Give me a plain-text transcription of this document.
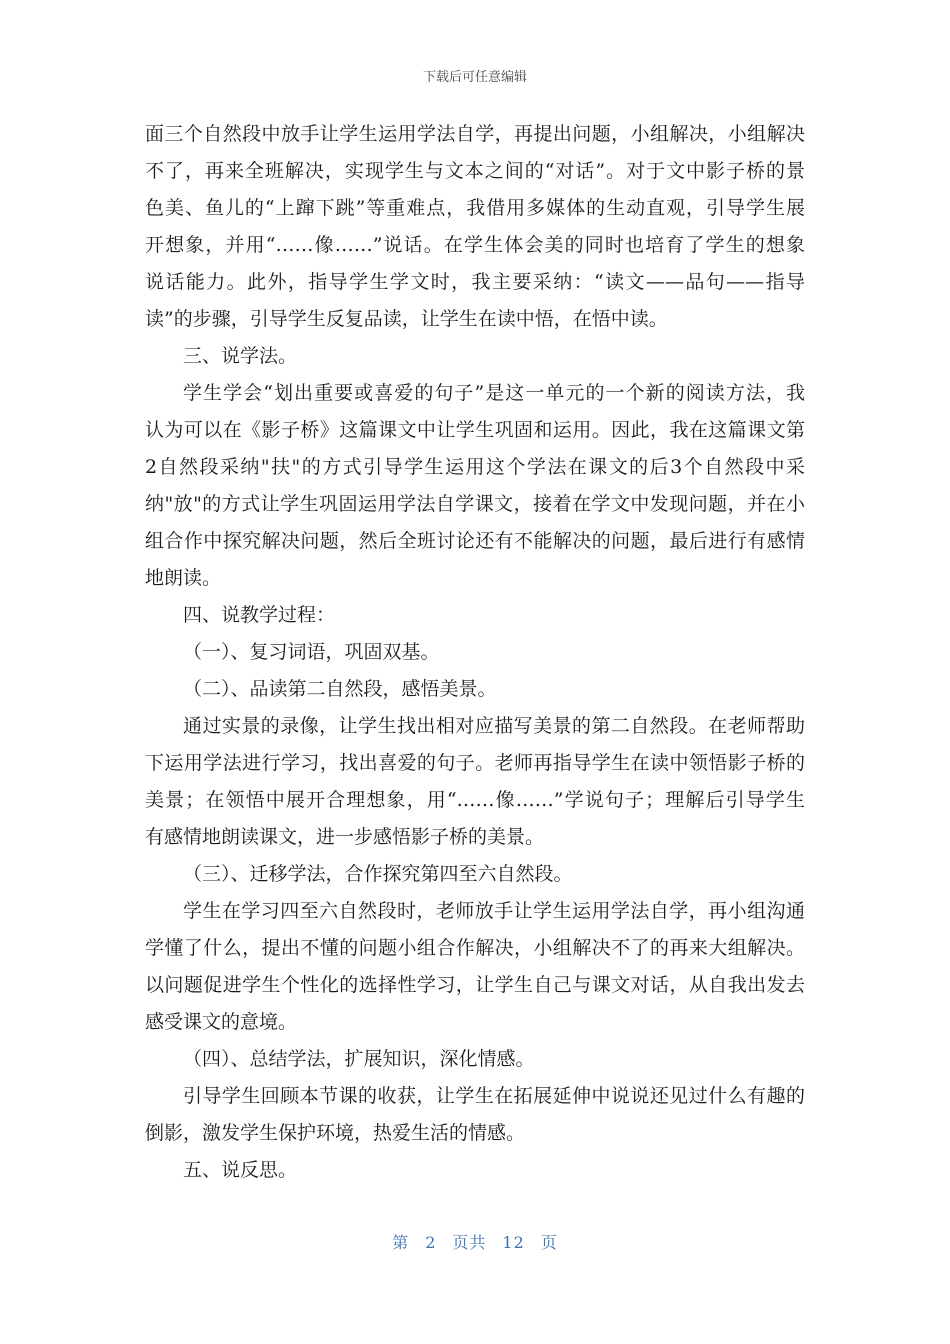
下载后可任意编辑
面三个自然段中放手让学生运用学法自学，再提出问题，小组解决，小组解决
不了，再来全班解决，实现学生与文本之间的“对话”。对于文中影子桥的景
色美、鱼儿的“上蹿下跳”等重难点，我借用多媒体的生动直观，引导学生展
开想象，并用“……像……”说话。在学生体会美的同时也培育了学生的想象
说话能力。此外，指导学生学文时，我主要采纳：“读文——品句——指导
读”的步骤，引导学生反复品读，让学生在读中悟，在悟中读。
三、说学法。
学生学会“划出重要或喜爱的句子”是这一单元的一个新的阅读方法，我
认为可以在《影子桥》这篇课文中让学生巩固和运用。因此，我在这篇课文第
2自然段采纳"扶"的方式引导学生运用这个学法在课文的后3个自然段中采
纳"放"的方式让学生巩固运用学法自学课文，接着在学文中发现问题，并在小
组合作中探究解决问题，然后全班讨论还有不能解决的问题，最后进行有感情
地朗读。
四、说教学过程：
（一）、复习词语，巩固双基。
（二）、品读第二自然段，感悟美景。
通过实景的录像，让学生找出相对应描写美景的第二自然段。在老师帮助
下运用学法进行学习，找出喜爱的句子。老师再指导学生在读中领悟影子桥的
美景；在领悟中展开合理想象，用“……像……”学说句子；理解后引导学生
有感情地朗读课文，进一步感悟影子桥的美景。
（三）、迁移学法，合作探究第四至六自然段。
学生在学习四至六自然段时，老师放手让学生运用学法自学，再小组沟通
学懂了什么，提出不懂的问题小组合作解决，小组解决不了的再来大组解决。
以问题促进学生个性化的选择性学习，让学生自己与课文对话，从自我出发去
感受课文的意境。
（四）、总结学法，扩展知识，深化情感。
引导学生回顾本节课的收获，让学生在拓展延伸中说说还见过什么有趣的
倒影，激发学生保护环境，热爱生活的情感。
五、说反思。
第 2 页共 12 页
